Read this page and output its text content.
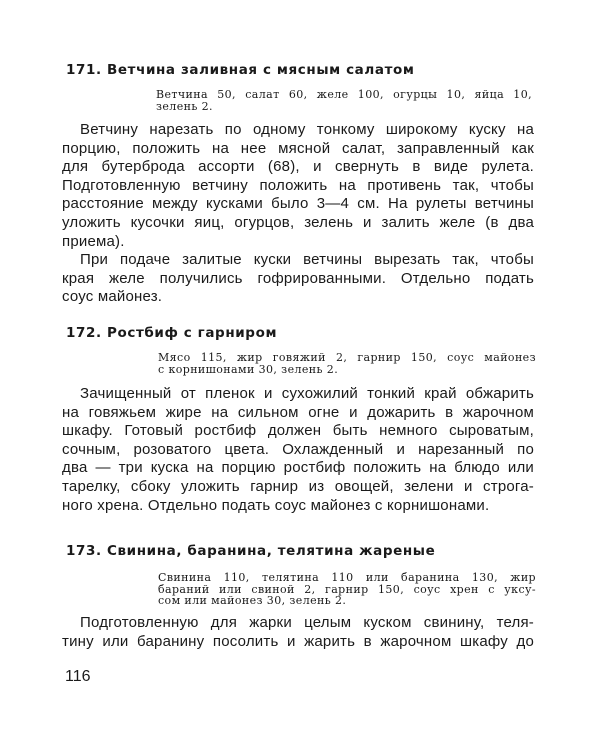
171. Ветчина заливная с мясным салатом
Ветчина 50, салат 60, желе 100, огурцы 10, яйца 10,
зелень 2.
Ветчину нарезать по одному тонкому широкому куску на
порцию, положить на нее мясной салат, заправленный как
для бутерброда ассорти (68), и свернуть в виде рулета.
Подготовленную ветчину положить на противень так, чтобы
расстояние между кусками было 3—4 см. На рулеты ветчины
уложить кусочки яиц, огурцов, зелень и залить желе (в два
приема).
При подаче залитые куски ветчины вырезать так, чтобы
края желе получились гофрированными. Отдельно подать
соус майонез.
172. Ростбиф с гарниром
Мясо 115, жир говяжий 2, гарнир 150, соус майонез
с корнишонами 30, зелень 2.
Зачищенный от пленок и сухожилий тонкий край обжарить
на говяжьем жире на сильном огне и дожарить в жарочном
шкафу. Готовый ростбиф должен быть немного сыроватым,
сочным, розоватого цвета. Охлажденный и нарезанный по
два — три куска на порцию ростбиф положить на блюдо или
тарелку, сбоку уложить гарнир из овощей, зелени и строга-
ного хрена. Отдельно подать соус майонез с корнишонами.
173. Свинина, баранина, телятина жареные
Свинина 110, телятина 110 или баранина 130, жир
бараний или свиной 2, гарнир 150, соус хрен с уксу-
сом или майонез 30, зелень 2.
Подготовленную для жарки целым куском свинину, теля-
тину или баранину посолить и жарить в жарочном шкафу до
116
